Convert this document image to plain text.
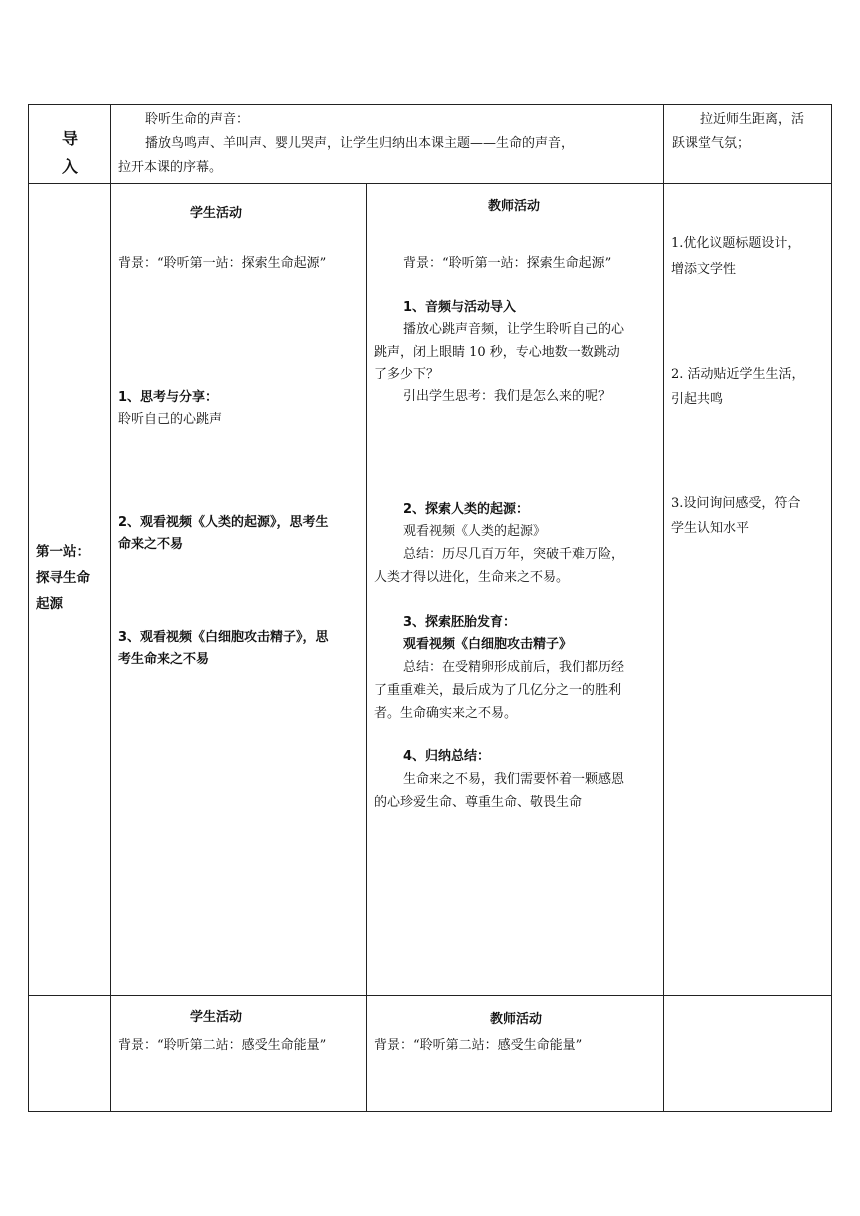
导
入
聆听生命的声音：
播放鸟鸣声、羊叫声、婴儿哭声，让学生归纳出本课主题——生命的声音，
拉开本课的序幕。
拉近师生距离，活
跃课堂气氛；
第一站：
探寻生命
起源
学生活动
背景：“聆听第一站：探索生命起源”
1、思考与分享：
聆听自己的心跳声
2、观看视频《人类的起源》，思考生
命来之不易
3、观看视频《白细胞攻击精子》，思
考生命来之不易
教师活动
背景：“聆听第一站：探索生命起源”
1、音频与活动导入
播放心跳声音频，让学生聆听自己的心
跳声，闭上眼睛 10 秒，专心地数一数跳动
了多少下？
引出学生思考：我们是怎么来的呢？
2、探索人类的起源：
观看视频《人类的起源》
总结：历尽几百万年，突破千难万险，
人类才得以进化，生命来之不易。
3、探索胚胎发育：
观看视频《白细胞攻击精子》
总结：在受精卵形成前后，我们都历经
了重重难关，最后成为了几亿分之一的胜利
者。生命确实来之不易。
4、归纳总结：
生命来之不易，我们需要怀着一颗感恩
的心珍爱生命、尊重生命、敬畏生命
1.优化议题标题设计，
增添文学性
2. 活动贴近学生生活，
引起共鸣
3.设问询问感受，符合
学生认知水平
学生活动
背景：“聆听第二站：感受生命能量”
教师活动
背景：“聆听第二站：感受生命能量”
